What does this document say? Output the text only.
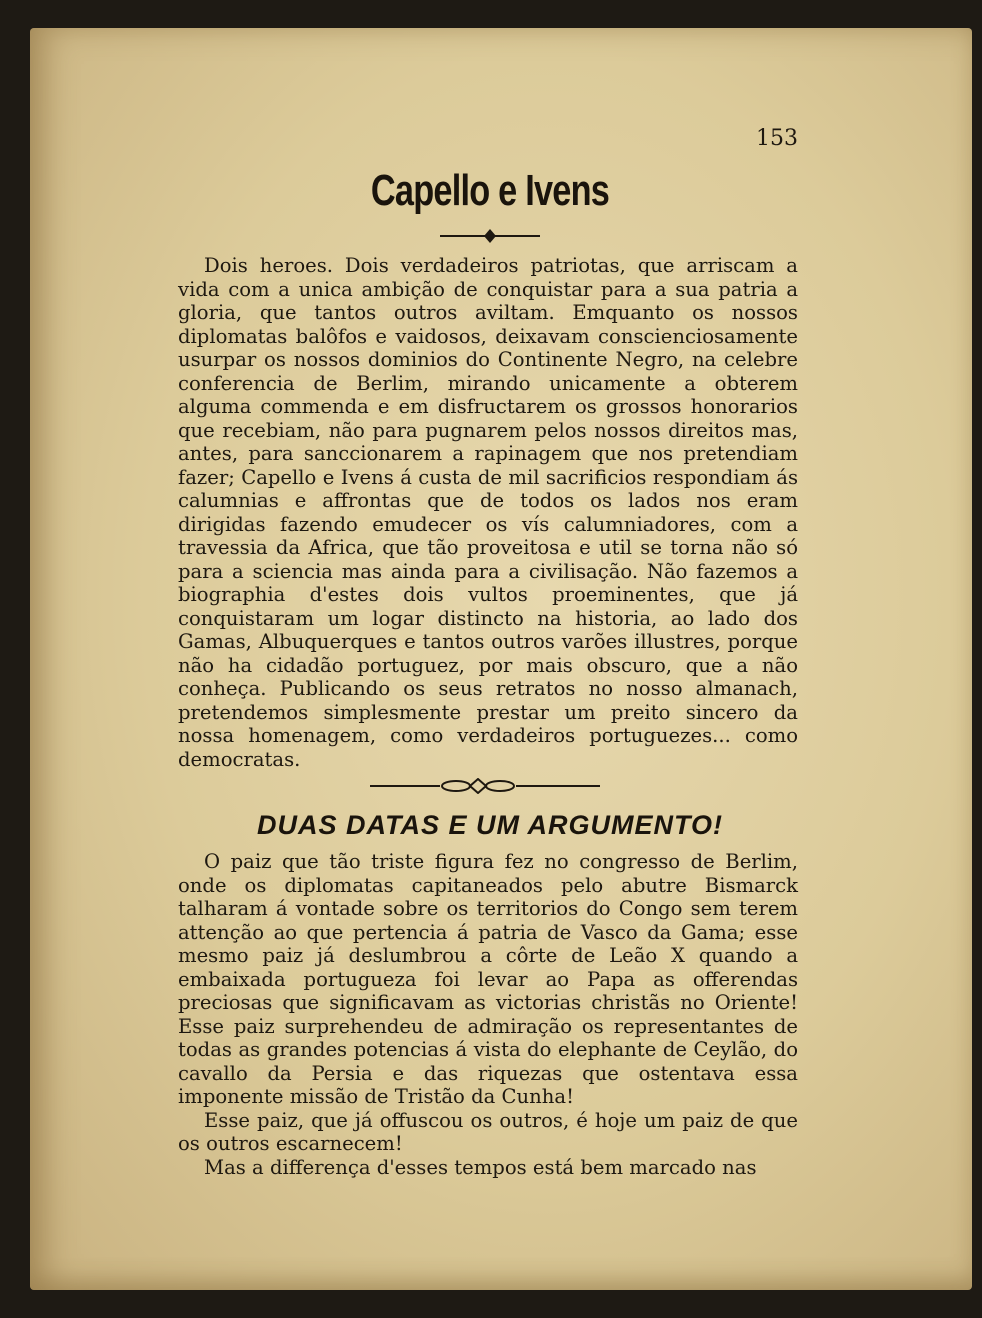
153
Capello e Ivens

Dois heroes. Dois verdadeiros patriotas, que arriscam a vida com a unica ambição de conquistar para a sua patria a gloria, que tantos outros aviltam. Emquanto os nossos diplomatas balôfos e vaidosos, deixavam conscienciosamente usurpar os nossos dominios do Continente Negro, na celebre conferencia de Berlim, mirando unicamente a obterem alguma commenda e em disfructarem os grossos honorarios que recebiam, não para pugnarem pelos nossos direitos mas, antes, para sanccionarem a rapinagem que nos pretendiam fazer; Capello e Ivens á custa de mil sacrificios respondiam ás calumnias e affrontas que de todos os lados nos eram dirigidas fazendo emudecer os vís calumniadores, com a travessia da Africa, que tão proveitosa e util se torna não só para a sciencia mas ainda para a civilisação. Não fazemos a biographia d'estes dois vultos proeminentes, que já conquistaram um logar distincto na historia, ao lado dos Gamas, Albuquerques e tantos outros varões illustres, porque não ha cidadão portuguez, por mais obscuro, que a não conheça. Publicando os seus retratos no nosso almanach, pretendemos simplesmente prestar um preito sincero da nossa homenagem, como verdadeiros portuguezes... como democratas.

DUAS DATAS E UM ARGUMENTO!

O paiz que tão triste figura fez no congresso de Berlim, onde os diplomatas capitaneados pelo abutre Bismarck talharam á vontade sobre os territorios do Congo sem terem attenção ao que pertencia á patria de Vasco da Gama; esse mesmo paiz já deslumbrou a côrte de Leão X quando a embaixada portugueza foi levar ao Papa as offerendas preciosas que significavam as victorias christãs no Oriente! Esse paiz surprehendeu de admiração os representantes de todas as grandes potencias á vista do elephante de Ceylão, do cavallo da Persia e das riquezas que ostentava essa imponente missão de Tristão da Cunha!

Esse paiz, que já offuscou os outros, é hoje um paiz de que os outros escarnecem!

Mas a differença d'esses tempos está bem marcado nas
